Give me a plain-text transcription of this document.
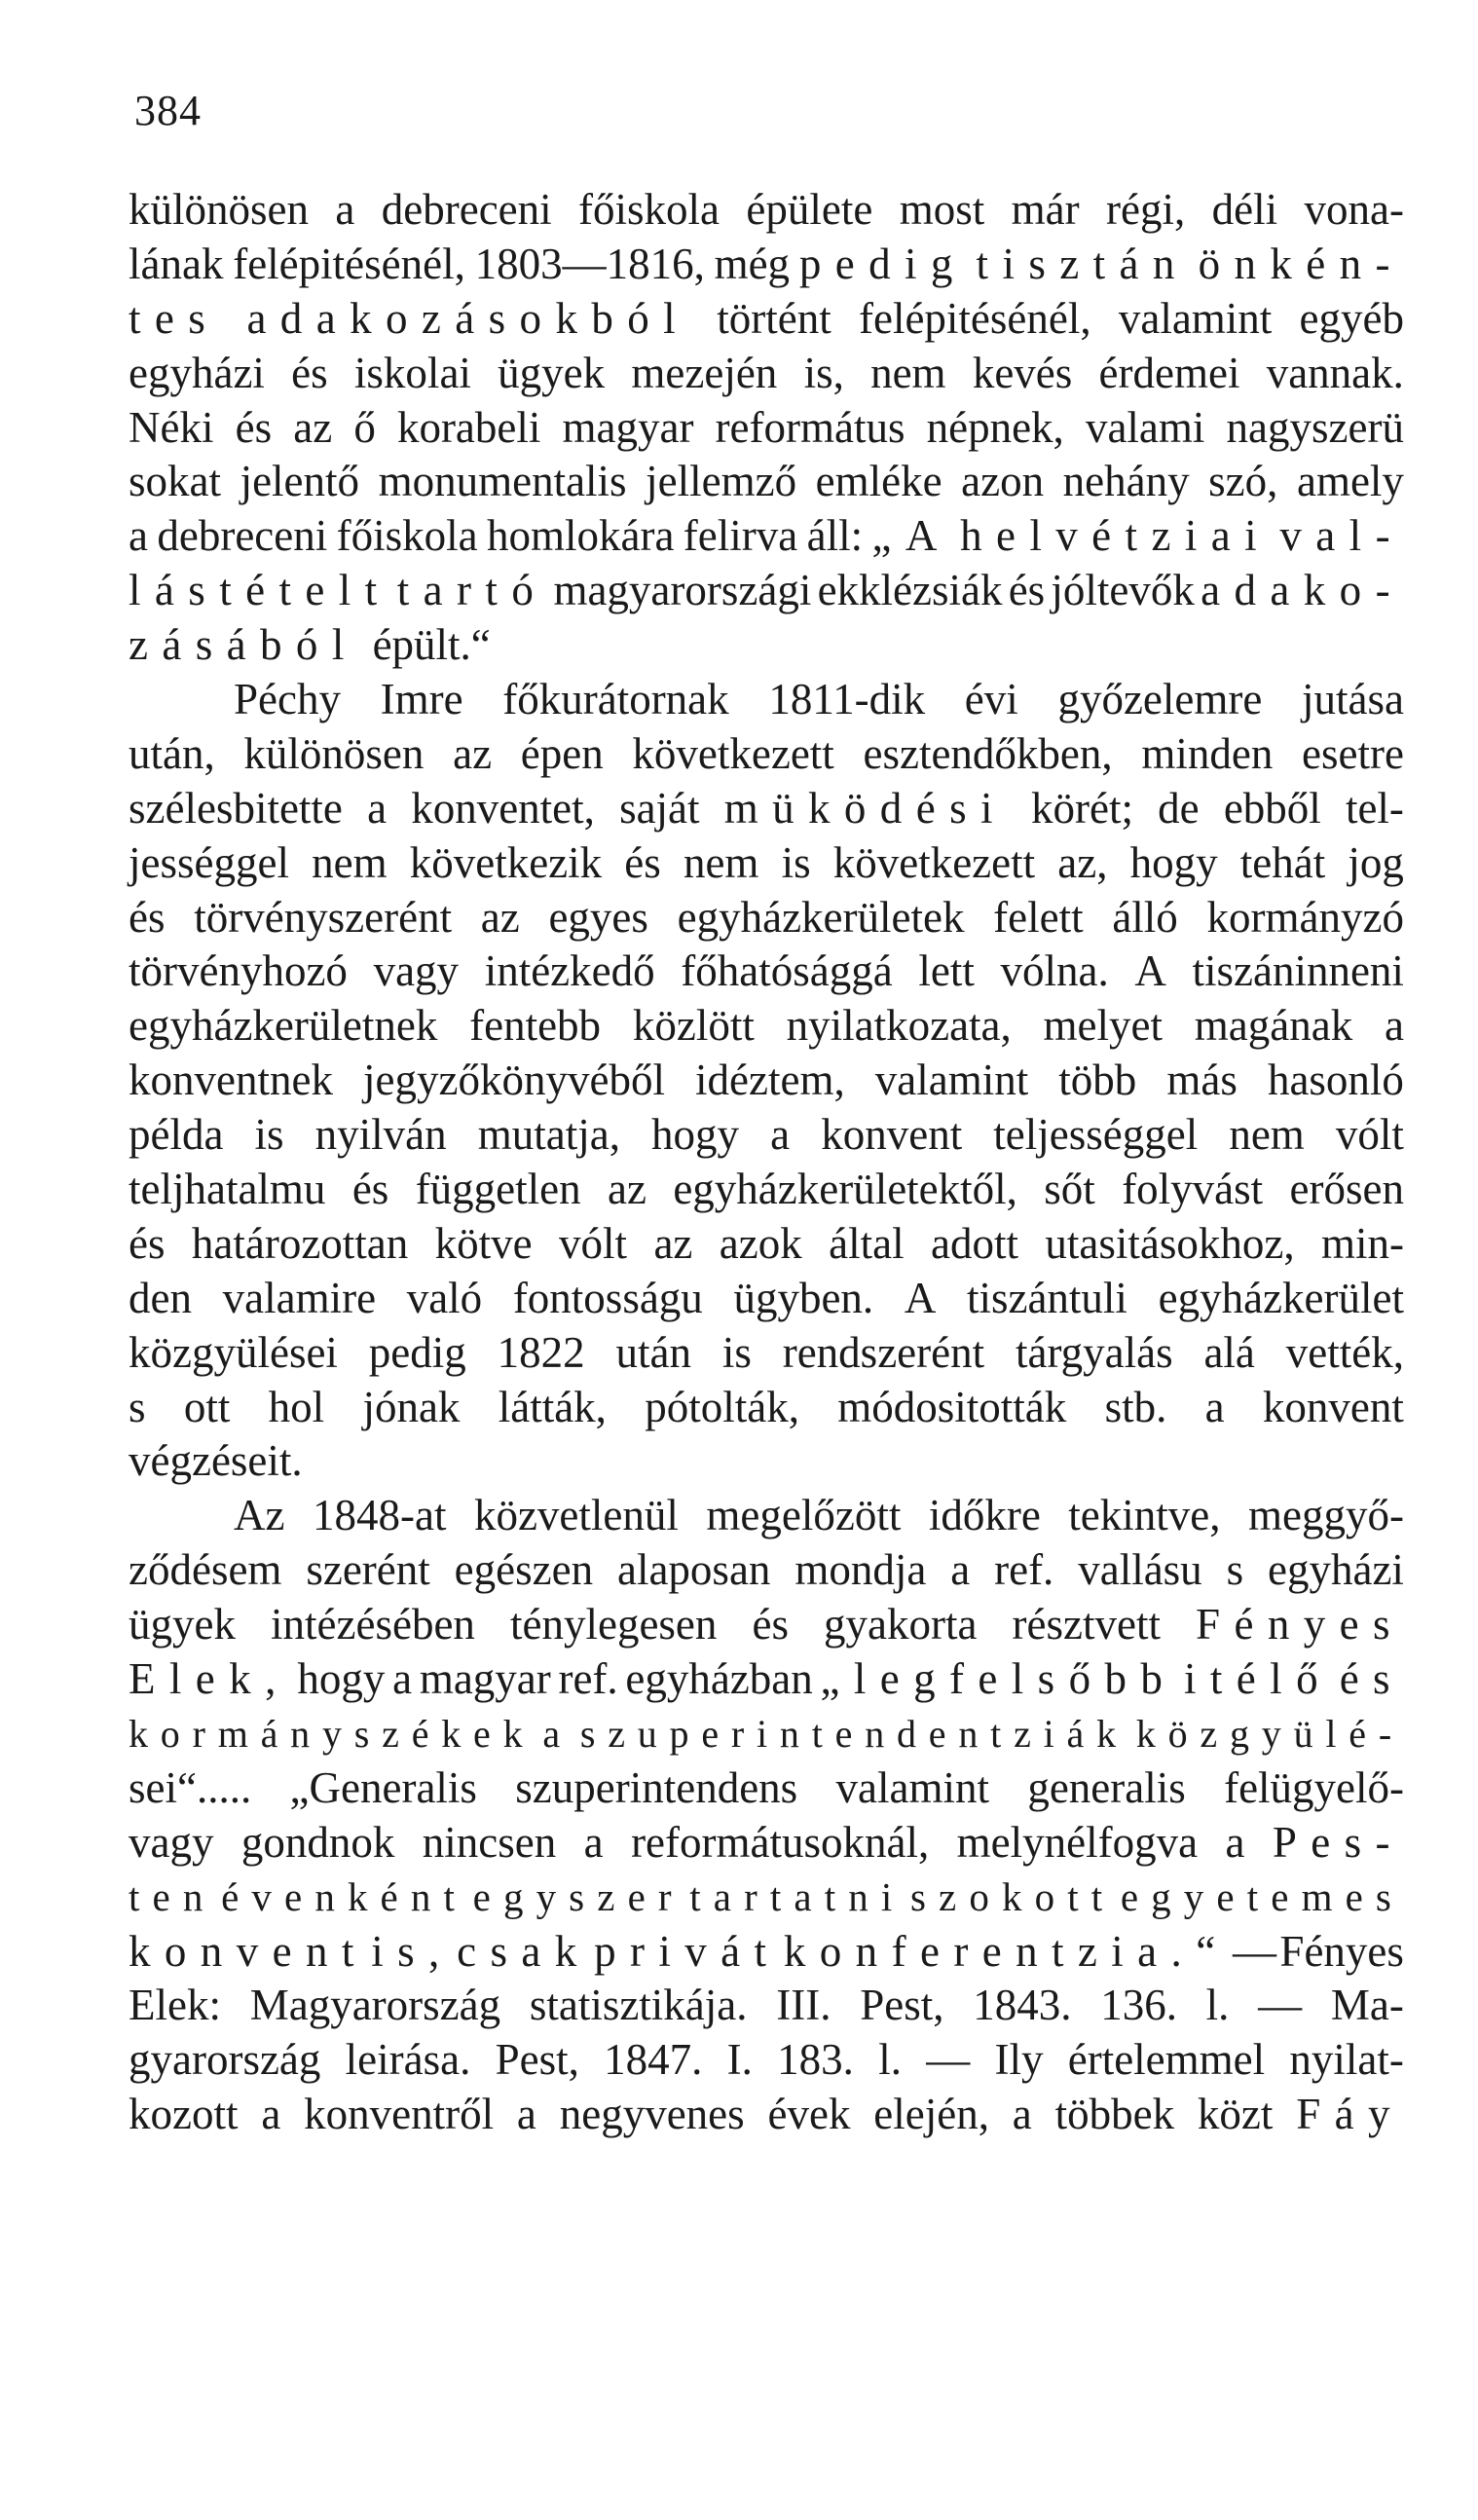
384
különösen a debreceni főiskola épülete most már régi, déli vona-
lának felépitésénél, 1803—1816, még pedig tisztán önkén-
tes adakozásokból történt felépitésénél, valamint egyéb
egyházi és iskolai ügyek mezején is, nem kevés érdemei vannak.
Néki és az ő korabeli magyar református népnek, valami nagyszerü
sokat jelentő monumentalis jellemző emléke azon nehány szó, amely
a debreceni főiskola homlokára felirva áll: „A helvétziai val-
lástételt tartó magyarországi ekklézsiák és jóltevők adako-
zásából épült.“
Péchy Imre főkurátornak 1811-dik évi győzelemre jutása
után, különösen az épen következett esztendőkben, minden esetre
szélesbitette a konventet, saját müködési körét; de ebből tel-
jességgel nem következik és nem is következett az, hogy tehát jog
és törvényszerént az egyes egyházkerületek felett álló kormányzó
törvényhozó vagy intézkedő főhatósággá lett vólna. A tiszáninneni
egyházkerületnek fentebb közlött nyilatkozata, melyet magának a
konventnek jegyzőkönyvéből idéztem, valamint több más hasonló
példa is nyilván mutatja, hogy a konvent teljességgel nem vólt
teljhatalmu és független az egyházkerületektől, sőt folyvást erősen
és határozottan kötve vólt az azok által adott utasitásokhoz, min-
den valamire való fontosságu ügyben. A tiszántuli egyházkerület
közgyülései pedig 1822 után is rendszerént tárgyalás alá vették,
s ott hol jónak látták, pótolták, módositották stb. a konvent
végzéseit.
Az 1848-at közvetlenül megelőzött időkre tekintve, meggyő-
ződésem szerént egészen alaposan mondja a ref. vallásu s egyházi
ügyek intézésében ténylegesen és gyakorta résztvett Fényes
Elek, hogy a magyar ref. egyházban „legfelsőbb itélő és
kormányszékek a szuperintendentziák közgyülé-
sei“..... „Generalis szuperintendens valamint generalis felügyelő-
vagy gondnok nincsen a reformátusoknál, melynélfogva a Pes-
ten évenként egyszer tartatni szokott egyetemes
konvent is, csak privát konferentzia.“ — Fényes
Elek: Magyarország statisztikája. III. Pest, 1843. 136. l. — Ma-
gyarország leirása. Pest, 1847. I. 183. l. — Ily értelemmel nyilat-
kozott a konventről a negyvenes évek elején, a többek közt Fáy
